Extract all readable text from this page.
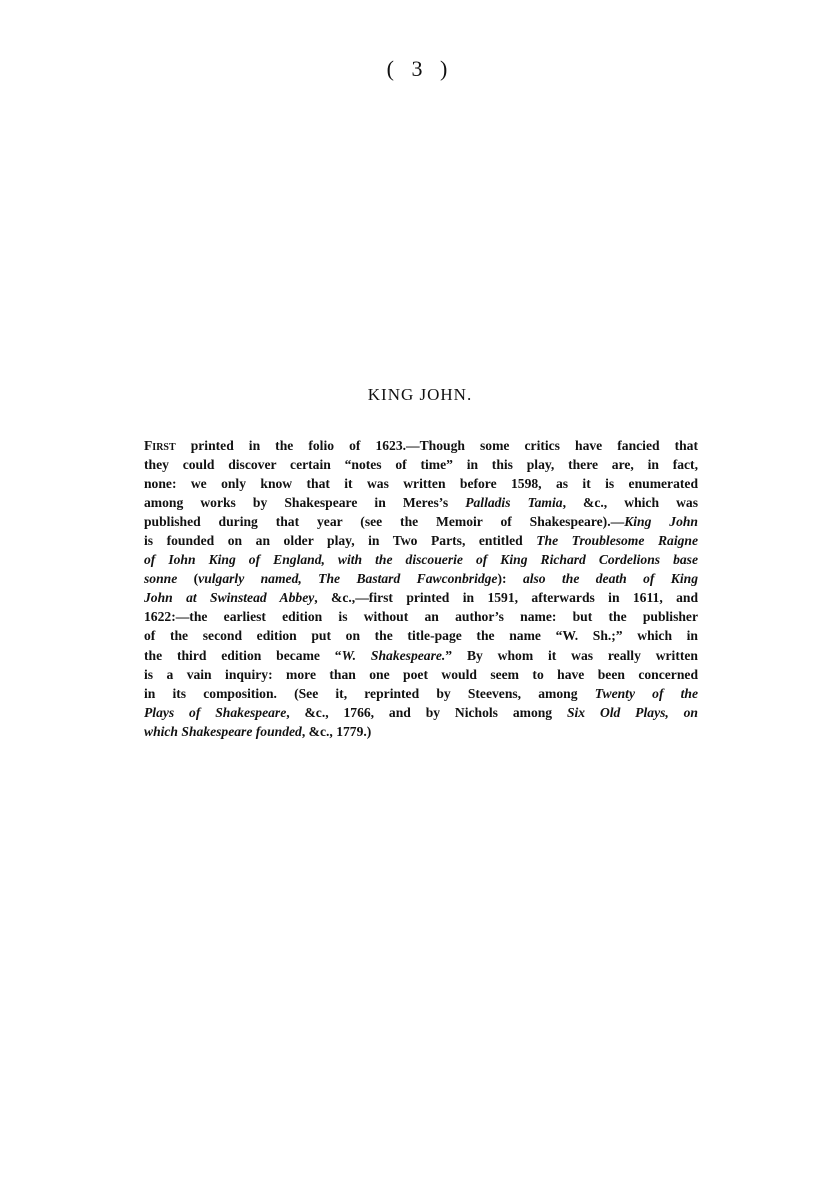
( 3 )
KING JOHN.
First printed in the folio of 1623.—Though some critics have fancied that
they could discover certain “notes of time” in this play, there are, in fact,
none: we only know that it was written before 1598, as it is enumerated
among works by Shakespeare in Meres’s Palladis Tamia, &c., which was
published during that year (see the Memoir of Shakespeare).—King John
is founded on an older play, in Two Parts, entitled The Troublesome Raigne
of Iohn King of England, with the discouerie of King Richard Cordelions base
sonne (vulgarly named, The Bastard Fawconbridge): also the death of King
John at Swinstead Abbey, &c.,—first printed in 1591, afterwards in 1611, and
1622:—the earliest edition is without an author’s name: but the publisher
of the second edition put on the title-page the name “W. Sh.;” which in
the third edition became “W. Shakespeare.” By whom it was really written
is a vain inquiry: more than one poet would seem to have been concerned
in its composition. (See it, reprinted by Steevens, among Twenty of the
Plays of Shakespeare, &c., 1766, and by Nichols among Six Old Plays, on
which Shakespeare founded, &c., 1779.)
